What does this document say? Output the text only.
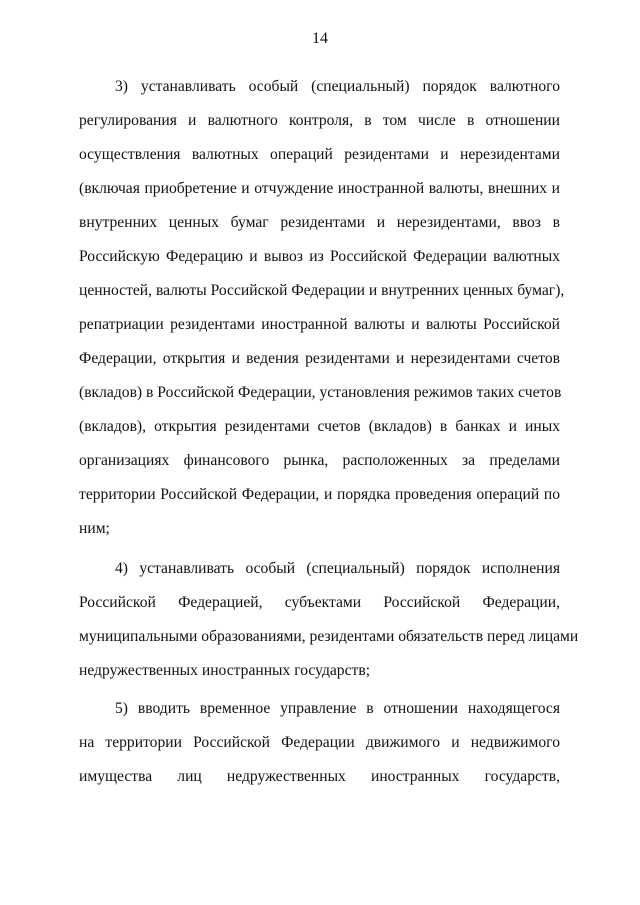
14
3) устанавливать особый (специальный) порядок валютного
регулирования и валютного контроля, в том числе в отношении
осуществления валютных операций резидентами и нерезидентами
(включая приобретение и отчуждение иностранной валюты, внешних и
внутренних ценных бумаг резидентами и нерезидентами, ввоз в
Российскую Федерацию и вывоз из Российской Федерации валютных
ценностей, валюты Российской Федерации и внутренних ценных бумаг),
репатриации резидентами иностранной валюты и валюты Российской
Федерации, открытия и ведения резидентами и нерезидентами счетов
(вкладов) в Российской Федерации, установления режимов таких счетов
(вкладов), открытия резидентами счетов (вкладов) в банках и иных
организациях финансового рынка, расположенных за пределами
территории Российской Федерации, и порядка проведения операций по
ним;
4) устанавливать особый (специальный) порядок исполнения
Российской Федерацией, субъектами Российской Федерации,
муниципальными образованиями, резидентами обязательств перед лицами
недружественных иностранных государств;
5) вводить временное управление в отношении находящегося
на территории Российской Федерации движимого и недвижимого
имущества лиц недружественных иностранных государств,
